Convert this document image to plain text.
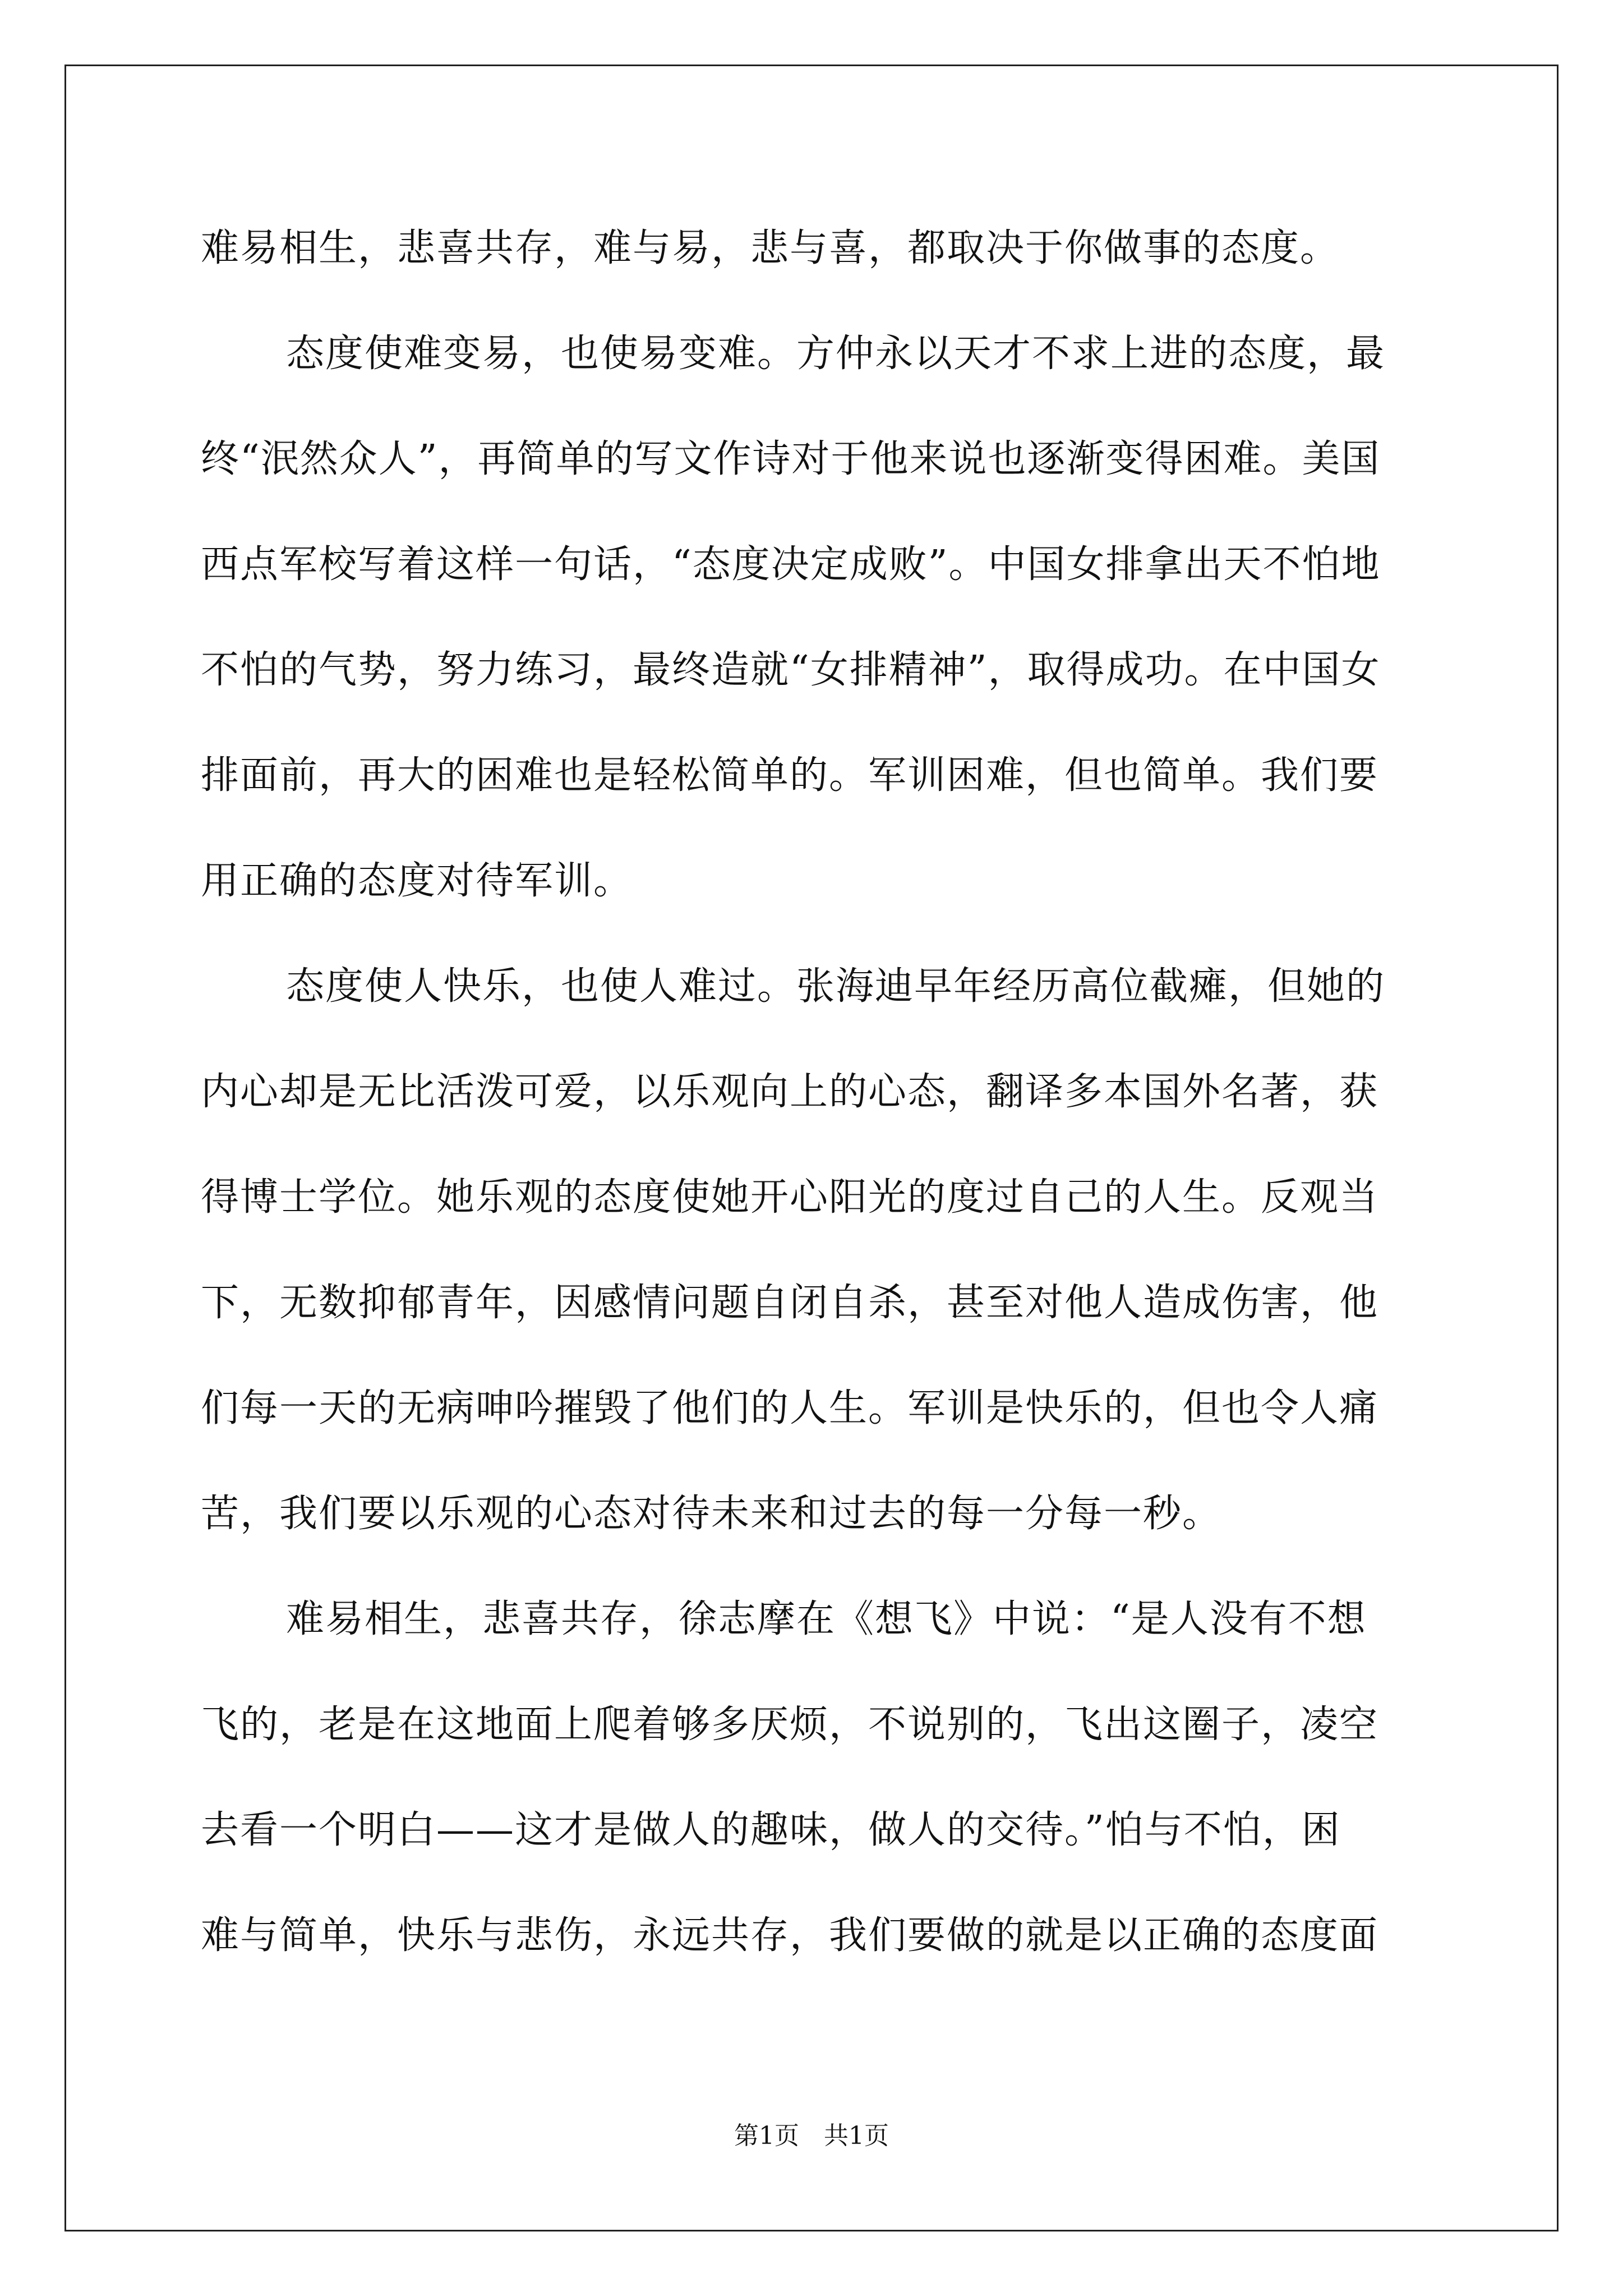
难易相生，悲喜共存，难与易，悲与喜，都取决于你做事的态度。
态度使难变易，也使易变难。方仲永以天才不求上进的态度，最
终“泯然众人”，再简单的写文作诗对于他来说也逐渐变得困难。美国
西点军校写着这样一句话，“态度决定成败”。中国女排拿出天不怕地
不怕的气势，努力练习，最终造就“女排精神”，取得成功。在中国女
排面前，再大的困难也是轻松简单的。军训困难，但也简单。我们要
用正确的态度对待军训。
态度使人快乐，也使人难过。张海迪早年经历高位截瘫，但她的
内心却是无比活泼可爱，以乐观向上的心态，翻译多本国外名著，获
得博士学位。她乐观的态度使她开心阳光的度过自己的人生。反观当
下，无数抑郁青年，因感情问题自闭自杀，甚至对他人造成伤害，他
们每一天的无病呻吟摧毁了他们的人生。军训是快乐的，但也令人痛
苦，我们要以乐观的心态对待未来和过去的每一分每一秒。
难易相生，悲喜共存，徐志摩在《想飞》中说：“是人没有不想
飞的，老是在这地面上爬着够多厌烦，不说别的，飞出这圈子，凌空
去看一个明白——这才是做人的趣味，做人的交待。”怕与不怕，困
难与简单，快乐与悲伤，永远共存，我们要做的就是以正确的态度面
第1页　共1页
